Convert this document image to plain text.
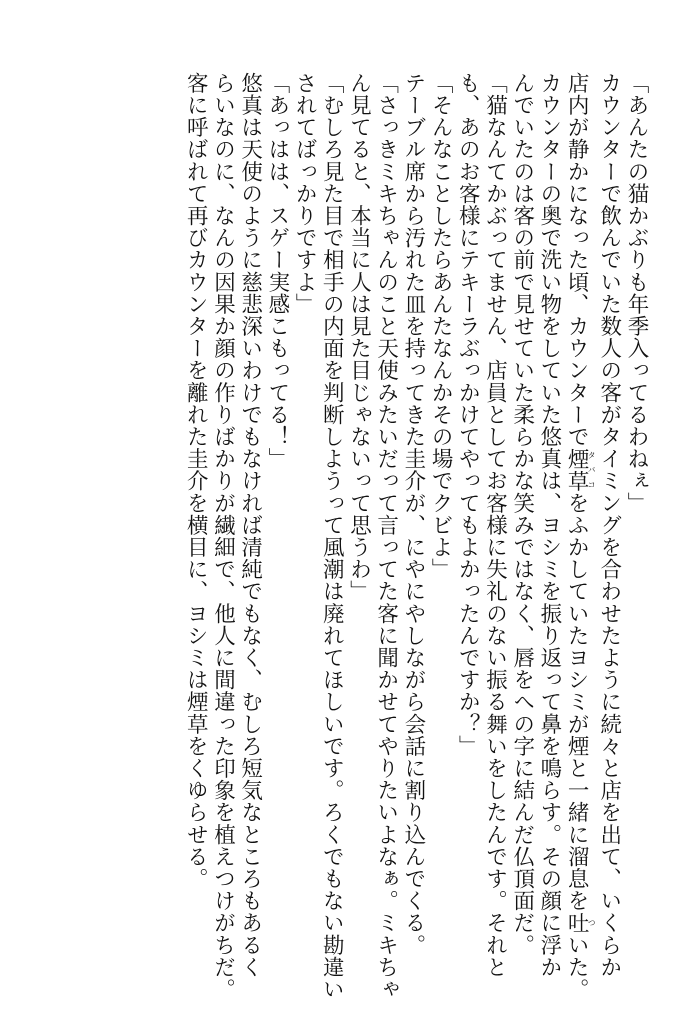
「あんたの猫かぶりも年季入ってるわねぇ」

カウンターで飲んでいた数人の客がタイミングを合わせたように続々と店を出て、いくらか

店内が静かになった頃、カウンターで煙草タバコをふかしていたヨシミが煙と一緒に溜息を吐ついた。

カウンターの奥で洗い物をしていた悠真は、ヨシミを振り返って鼻を鳴らす。その顔に浮か

んでいたのは客の前で見せていた柔らかな笑みではなく、唇をへの字に結んだ仏頂面だ。

「猫なんてかぶってません、店員としてお客様に失礼のない振る舞いをしたんです。それと

も、あのお客様にテキーラぶっかけてやってもよかったんですか？」

「そんなことしたらあんたなんかその場でクビよ」

テーブル席から汚れた皿を持ってきた圭介が、にやにやしながら会話に割り込んでくる。

「さっきミキちゃんのこと天使みたいだって言ってた客に聞かせてやりたいよなぁ。ミキちゃ

ん見てると、本当に人は見た目じゃないって思うわ」

「むしろ見た目で相手の内面を判断しようって風潮は廃れてほしいです。ろくでもない勘違い

されてばっかりですよ」

「あっはは、スゲー実感こもってる！」

悠真は天使のように慈悲深いわけでもなければ清純でもなく、むしろ短気なところもあるく

らいなのに、なんの因果か顔の作りばかりが繊細で、他人に間違った印象を植えつけがちだ。

客に呼ばれて再びカウンターを離れた圭介を横目に、ヨシミは煙草をくゆらせる。
